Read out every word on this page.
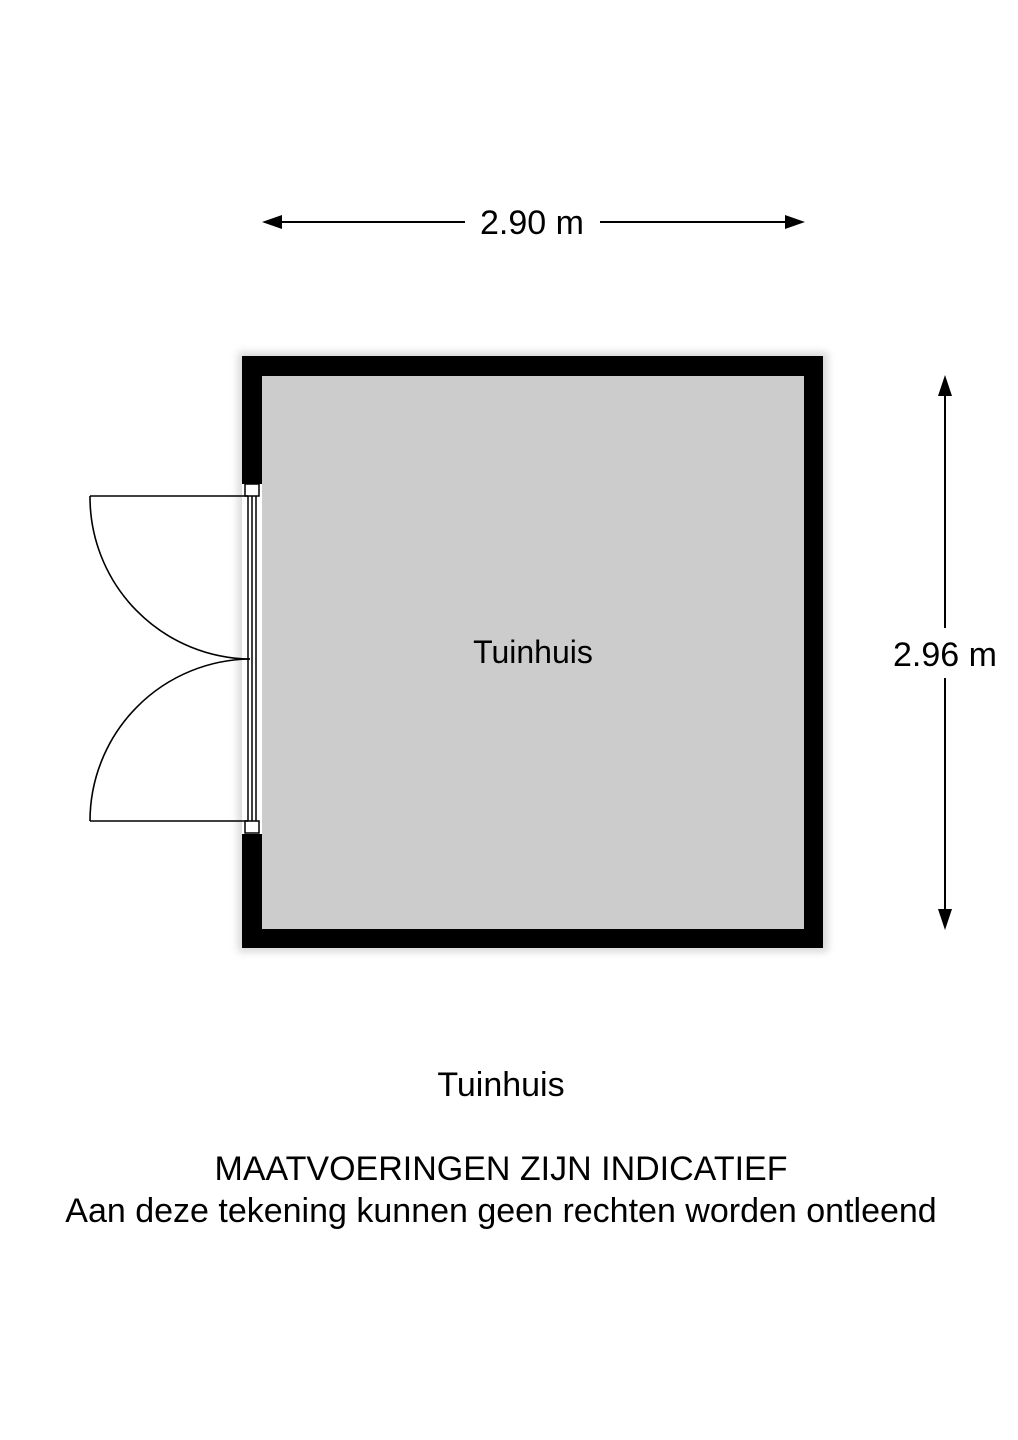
Tuinhuis
2.90 m
2.96 m
Tuinhuis
MAATVOERINGEN ZIJN INDICATIEF
Aan deze tekening kunnen geen rechten worden ontleend
